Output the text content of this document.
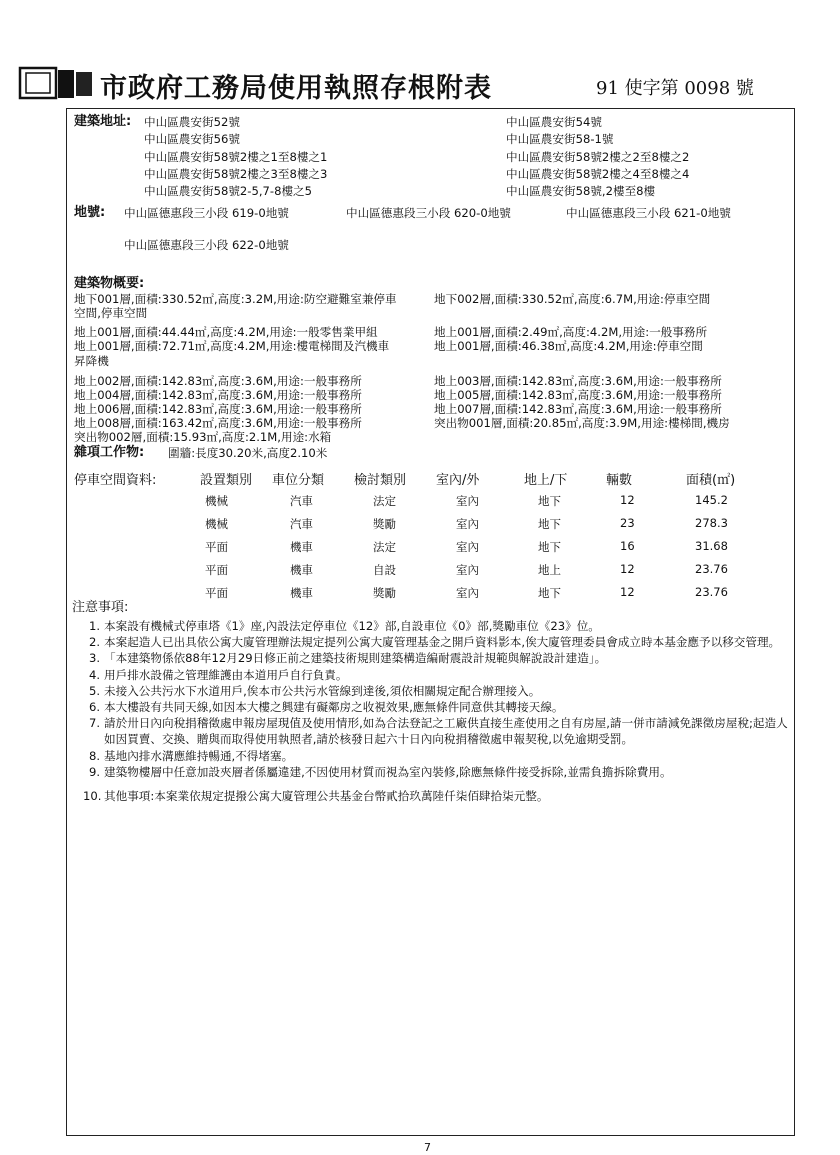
市政府工務局使用執照存根附表	91 使字第 0098 號
建築地址: 中山區農安街52號	中山區農安街54號
中山區農安街56號	中山區農安街58-1號
中山區農安街58號2樓之1至8樓之1	中山區農安街58號2樓之2至8樓之2
中山區農安街58號2樓之3至8樓之3	中山區農安街58號2樓之4至8樓之4
中山區農安街58號2-5,7-8樓之5	中山區農安街58號,2樓至8樓
地號: 中山區德惠段三小段 619-0地號	中山區德惠段三小段 620-0地號	中山區德惠段三小段 621-0地號
中山區德惠段三小段 622-0地號
建築物概要:
地下001層,面積:330.52㎡,高度:3.2M,用途:防空避難室兼停車	地下002層,面積:330.52㎡,高度:6.7M,用途:停車空間
空間,停車空間
地上001層,面積:44.44㎡,高度:4.2M,用途:一般零售業甲組	地上001層,面積:2.49㎡,高度:4.2M,用途:一般事務所
地上001層,面積:72.71㎡,高度:4.2M,用途:樓電梯間及汽機車	地上001層,面積:46.38㎡,高度:4.2M,用途:停車空間
昇降機
地上002層,面積:142.83㎡,高度:3.6M,用途:一般事務所	地上003層,面積:142.83㎡,高度:3.6M,用途:一般事務所
地上004層,面積:142.83㎡,高度:3.6M,用途:一般事務所	地上005層,面積:142.83㎡,高度:3.6M,用途:一般事務所
地上006層,面積:142.83㎡,高度:3.6M,用途:一般事務所	地上007層,面積:142.83㎡,高度:3.6M,用途:一般事務所
地上008層,面積:163.42㎡,高度:3.6M,用途:一般事務所	突出物001層,面積:20.85㎡,高度:3.9M,用途:樓梯間,機房
突出物002層,面積:15.93㎡,高度:2.1M,用途:水箱
雜項工作物: 圍牆:長度30.20米,高度2.10米
停車空間資料:	設置類別 車位分類 檢討類別 室內/外	地上/下	輛數	面積(㎡)
機械	汽車	法定	室內	地下	12	145.2
機械	汽車	獎勵	室內	地下	23	278.3
平面	機車	法定	室內	地下	16	31.68
平面	機車	自設	室內	地上	12	23.76
平面	機車	獎勵	室內	地下	12	23.76
注意事項:
1. 本案設有機械式停車塔《1》座,內設法定停車位《12》部,自設車位《0》部,獎勵車位《23》位。
2. 本案起造人已出具依公寓大廈管理辦法規定提列公寓大廈管理基金之開戶資料影本,俟大廈管理委員會成立時本基金應予以移交管理。
3. 「本建築物係依88年12月29日修正前之建築技術規則建築構造編耐震設計規範與解說設計建造」。
4. 用戶排水設備之管理維護由本道用戶自行負責。
5. 未接入公共污水下水道用戶,俟本市公共污水管線到達後,須依相關規定配合辦理接入。
6. 本大樓設有共同天線,如因本大樓之興建有礙鄰房之收視效果,應無條件同意供其轉接天線。
7. 請於卅日內向稅捐稽徵處申報房屋現值及使用情形,如為合法登記之工廠供直接生產使用之自有房屋,請一併市請減免課徵房屋稅;起造人如因買賣、交換、贈與而取得使用執照者,請於核發日起六十日內向稅捐稽徵處申報契稅,以免逾期受罰。
8. 基地內排水溝應維持暢通,不得堵塞。
9. 建築物樓層中任意加設夾層者係屬違建,不因使用材質而視為室內裝修,除應無條件接受拆除,並需負擔拆除費用。
10. 其他事項:本案業依規定提撥公寓大廈管理公共基金台幣貳拾玖萬陸仟柒佰肆拾柒元整。
7
